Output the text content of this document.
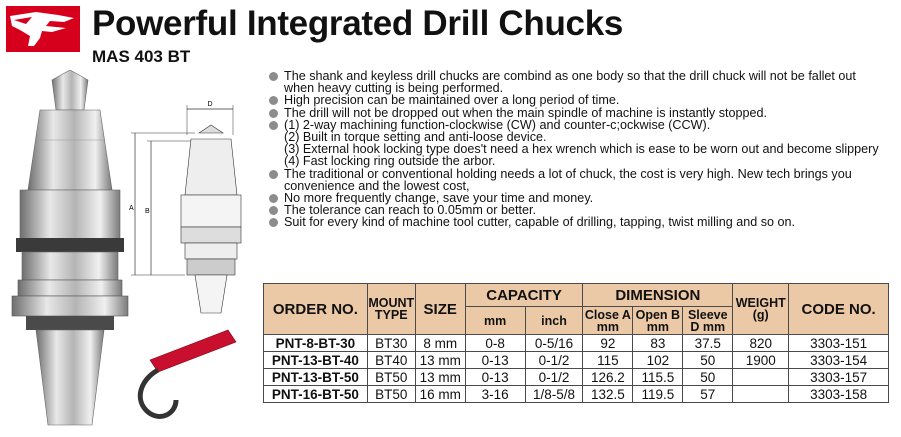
Powerful Integrated Drill Chucks
MAS 403 BT
D
A B
The shank and keyless drill chucks are combind as one body so that the drill chuck will not be fallet out
when heavy cutting is being performed.
High precision can be maintained over a long period of time.
The drill will not be dropped out when the main spindle of machine is instantly stopped.
(1) 2-way machining function-clockwise (CW) and counter-c;ockwise (CCW).
(2) Built in torque setting and anti-loose device.
(3) External hook locking type does't need a hex wrench which is ease to be worn out and become slippery
(4) Fast locking ring outside the arbor.
The traditional or conventional holding needs a lot of chuck, the cost is very high. New tech brings you
convenience and the lowest cost,
No more frequently change, save your time and money.
The tolerance can reach to 0.05mm or better.
Suit for every kind of machine tool cutter, capable of drilling, tapping, twist milling and so on.
ORDER NO.	MOUNT TYPE	SIZE	CAPACITY		DIMENSION			WEIGHT (g)	CODE NO.
			mm	inch	Close A mm	Open B mm	Sleeve D mm		
PNT-8-BT-30	BT30	8 mm	0-8	0-5/16	92	83	37.5	820	3303-151
PNT-13-BT-40	BT40	13 mm	0-13	0-1/2	115	102	50	1900	3303-154
PNT-13-BT-50	BT50	13 mm	0-13	0-1/2	126.2	115.5	50		3303-157
PNT-16-BT-50	BT50	16 mm	3-16	1/8-5/8	132.5	119.5	57		3303-158
